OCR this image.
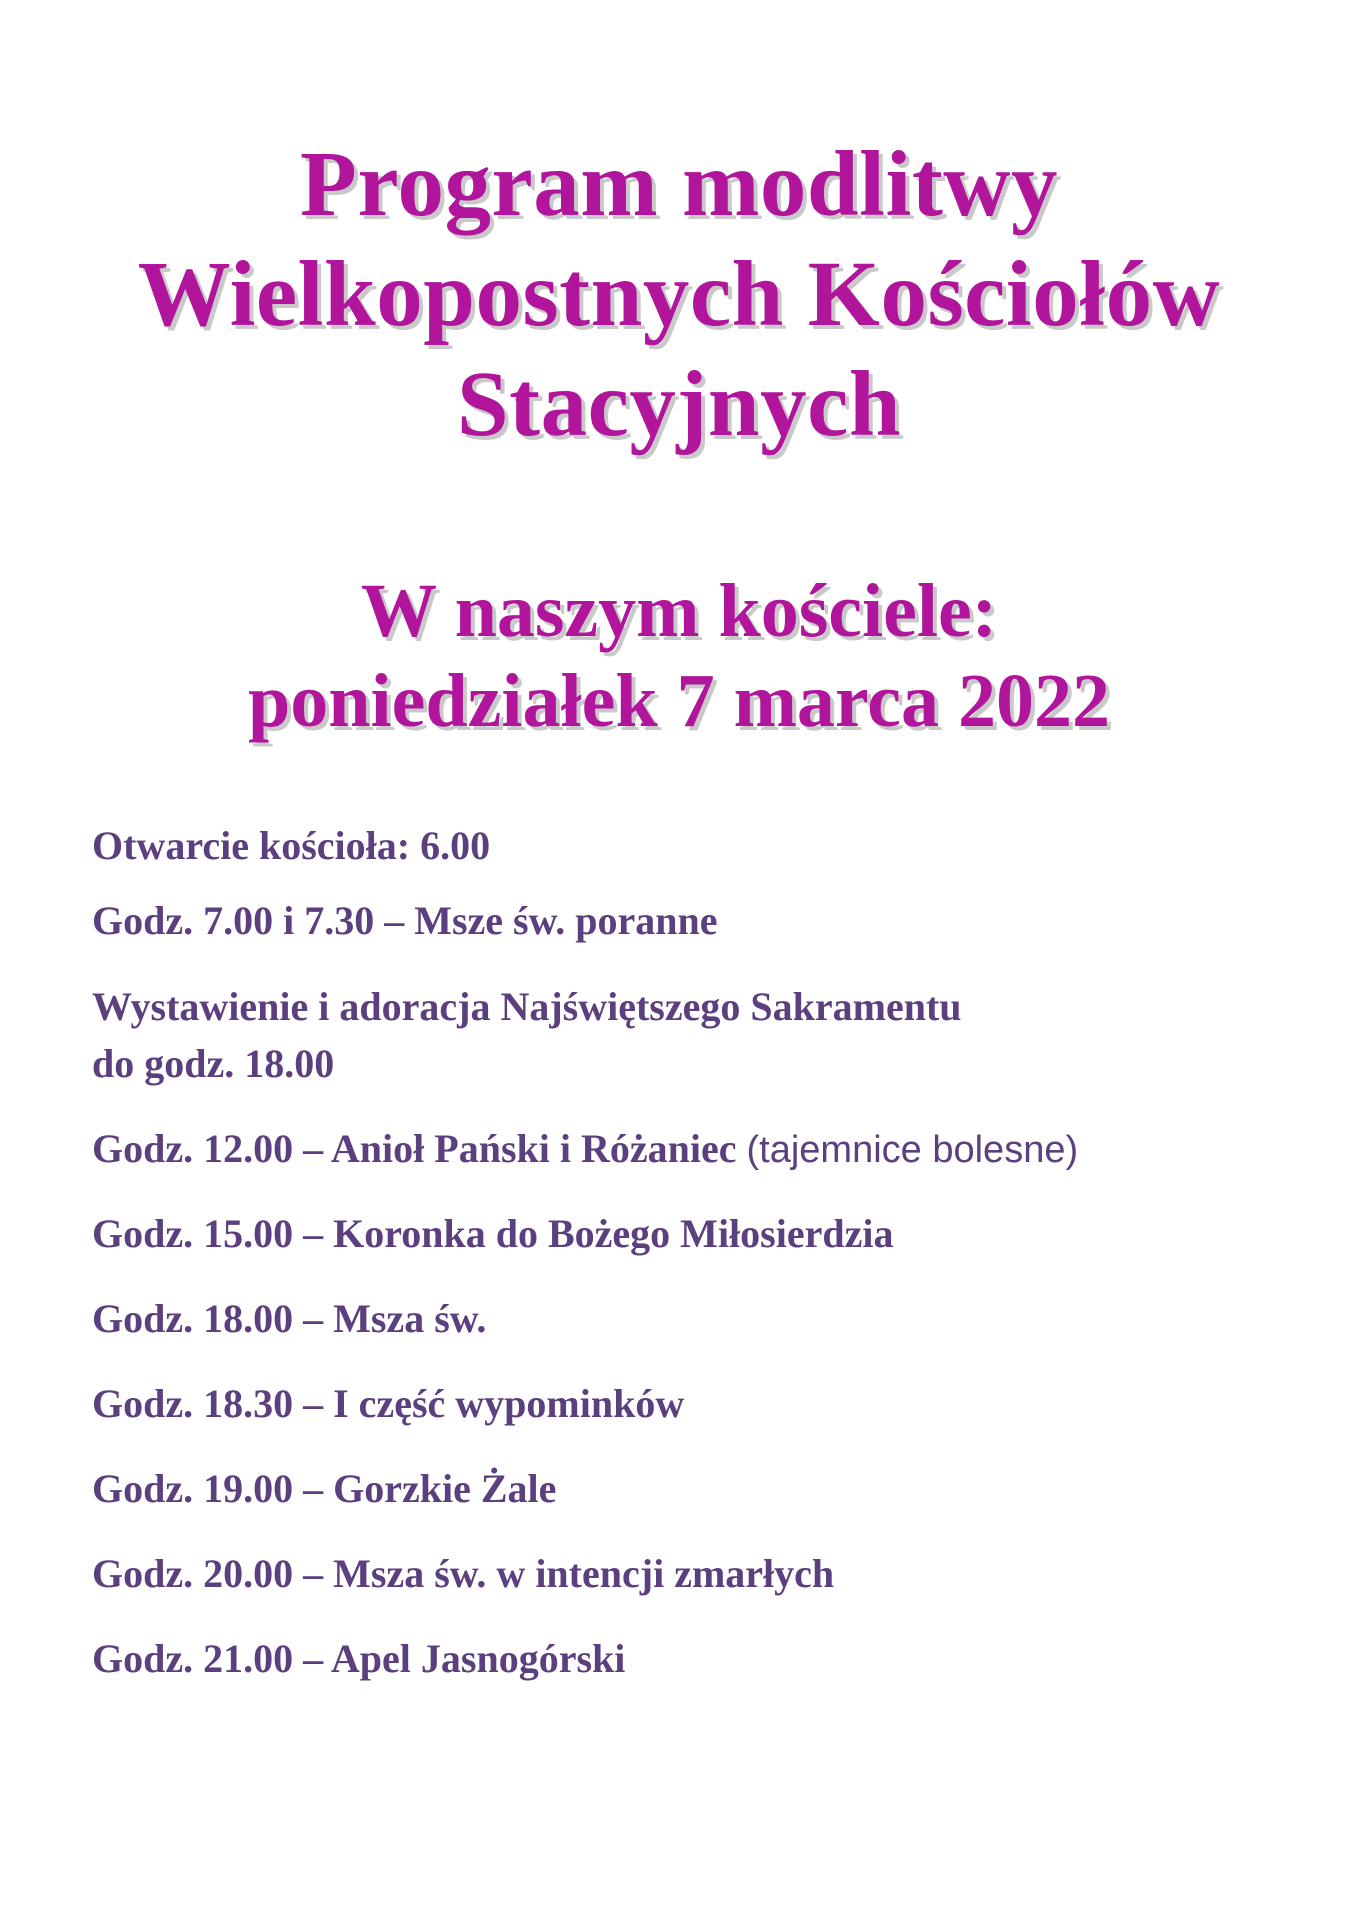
Program modlitwy
Wielkopostnych Kościołów
Stacyjnych
W naszym kościele:
poniedziałek 7 marca 2022
Otwarcie kościoła: 6.00
Godz. 7.00 i 7.30 – Msze św. poranne
Wystawienie i adoracja Najświętszego Sakramentu
do godz. 18.00
Godz. 12.00 – Anioł Pański i Różaniec (tajemnice bolesne)
Godz. 15.00 – Koronka do Bożego Miłosierdzia
Godz. 18.00 – Msza św.
Godz. 18.30 – I część wypominków
Godz. 19.00 – Gorzkie Żale
Godz. 20.00 – Msza św. w intencji zmarłych
Godz. 21.00 – Apel Jasnogórski
